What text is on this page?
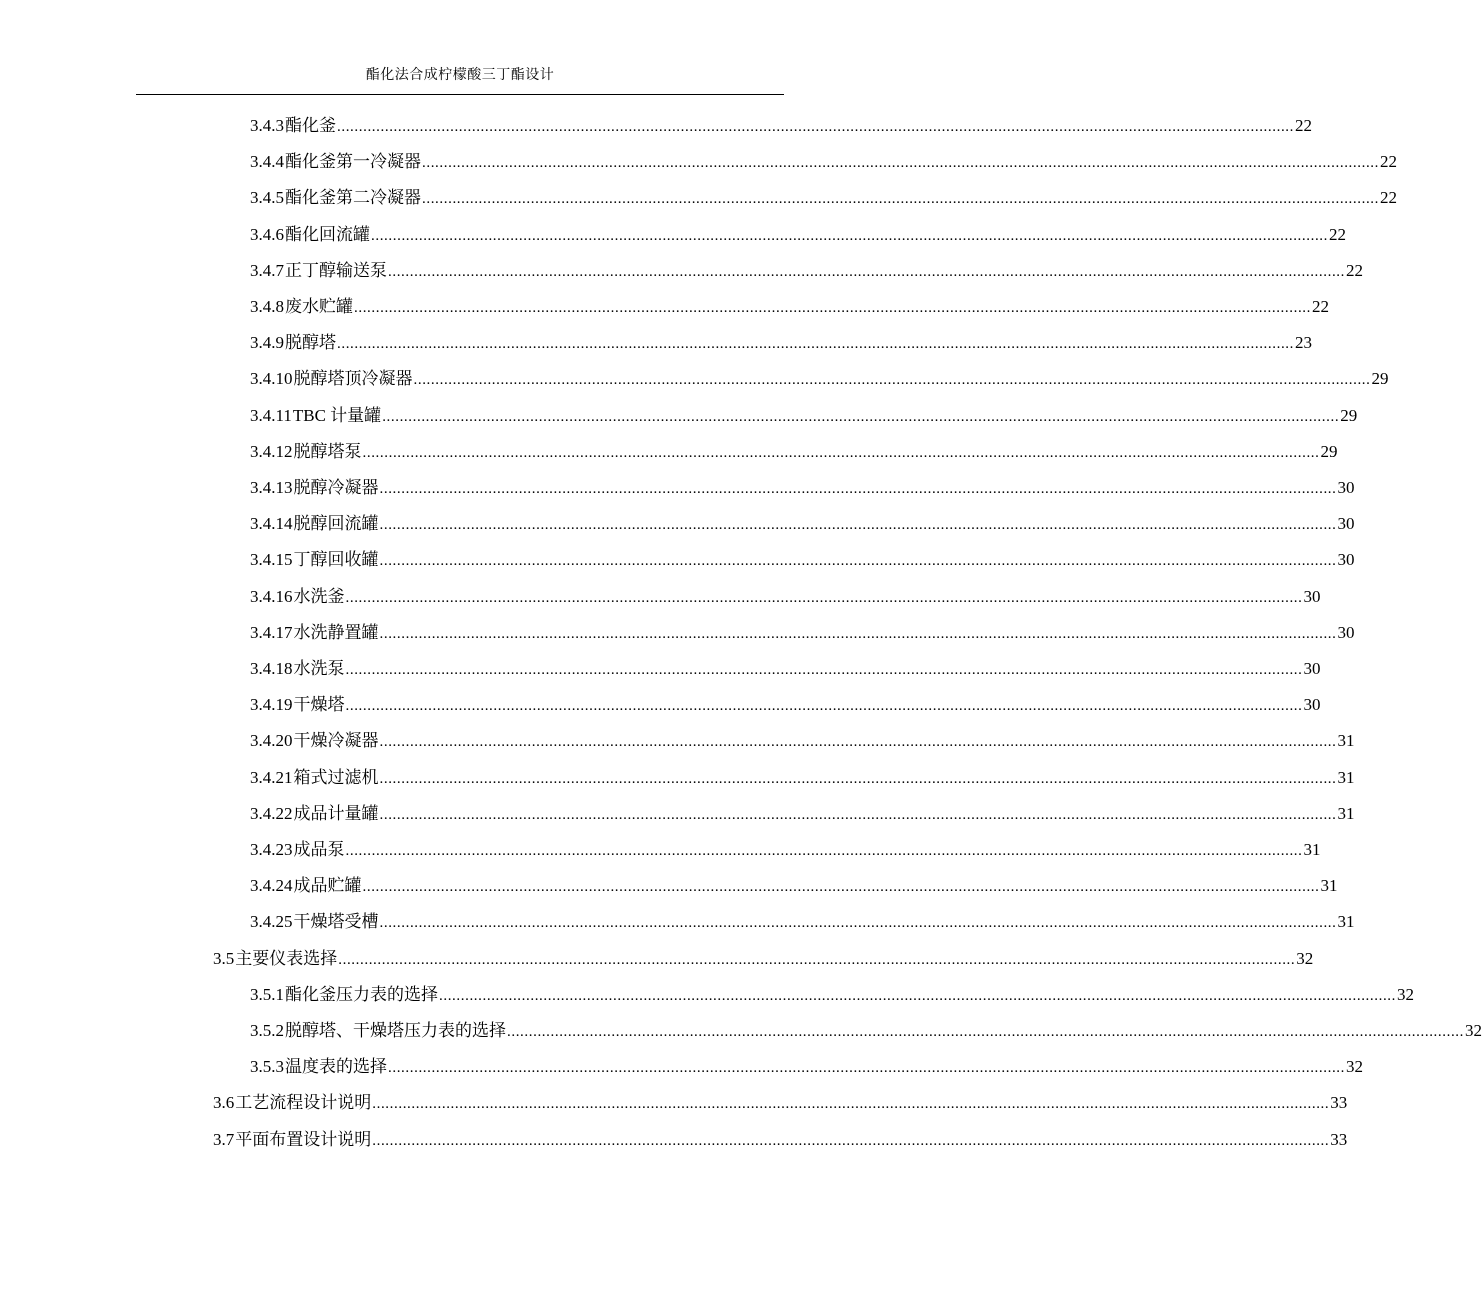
酯化法合成柠檬酸三丁酯设计
3.4.3 酯化釜 ............................................................................................................................................................................................................................ 22
3.4.4 酯化釜第一冷凝器 ............................................................................................................................................................................................................................ 22
3.4.5 酯化釜第二冷凝器 ............................................................................................................................................................................................................................ 22
3.4.6 酯化回流罐 ............................................................................................................................................................................................................................ 22
3.4.7 正丁醇输送泵 ............................................................................................................................................................................................................................ 22
3.4.8 废水贮罐 ............................................................................................................................................................................................................................ 22
3.4.9 脱醇塔 ............................................................................................................................................................................................................................ 23
3.4.10 脱醇塔顶冷凝器 ............................................................................................................................................................................................................................ 29
3.4.11 TBC 计量罐 ............................................................................................................................................................................................................................ 29
3.4.12 脱醇塔泵 ............................................................................................................................................................................................................................ 29
3.4.13 脱醇冷凝器 ............................................................................................................................................................................................................................ 30
3.4.14 脱醇回流罐 ............................................................................................................................................................................................................................ 30
3.4.15 丁醇回收罐 ............................................................................................................................................................................................................................ 30
3.4.16 水洗釜 ............................................................................................................................................................................................................................ 30
3.4.17 水洗静置罐 ............................................................................................................................................................................................................................ 30
3.4.18 水洗泵 ............................................................................................................................................................................................................................ 30
3.4.19 干燥塔 ............................................................................................................................................................................................................................ 30
3.4.20 干燥冷凝器 ............................................................................................................................................................................................................................ 31
3.4.21 箱式过滤机 ............................................................................................................................................................................................................................ 31
3.4.22 成品计量罐 ............................................................................................................................................................................................................................ 31
3.4.23 成品泵 ............................................................................................................................................................................................................................ 31
3.4.24 成品贮罐 ............................................................................................................................................................................................................................ 31
3.4.25 干燥塔受槽 ............................................................................................................................................................................................................................ 31
3.5 主要仪表选择 ............................................................................................................................................................................................................................ 32
3.5.1 酯化釜压力表的选择 ............................................................................................................................................................................................................................ 32
3.5.2 脱醇塔、干燥塔压力表的选择 ............................................................................................................................................................................................................................ 32
3.5.3 温度表的选择 ............................................................................................................................................................................................................................ 32
3.6 工艺流程设计说明 ............................................................................................................................................................................................................................ 33
3.7 平面布置设计说明 ............................................................................................................................................................................................................................ 33
